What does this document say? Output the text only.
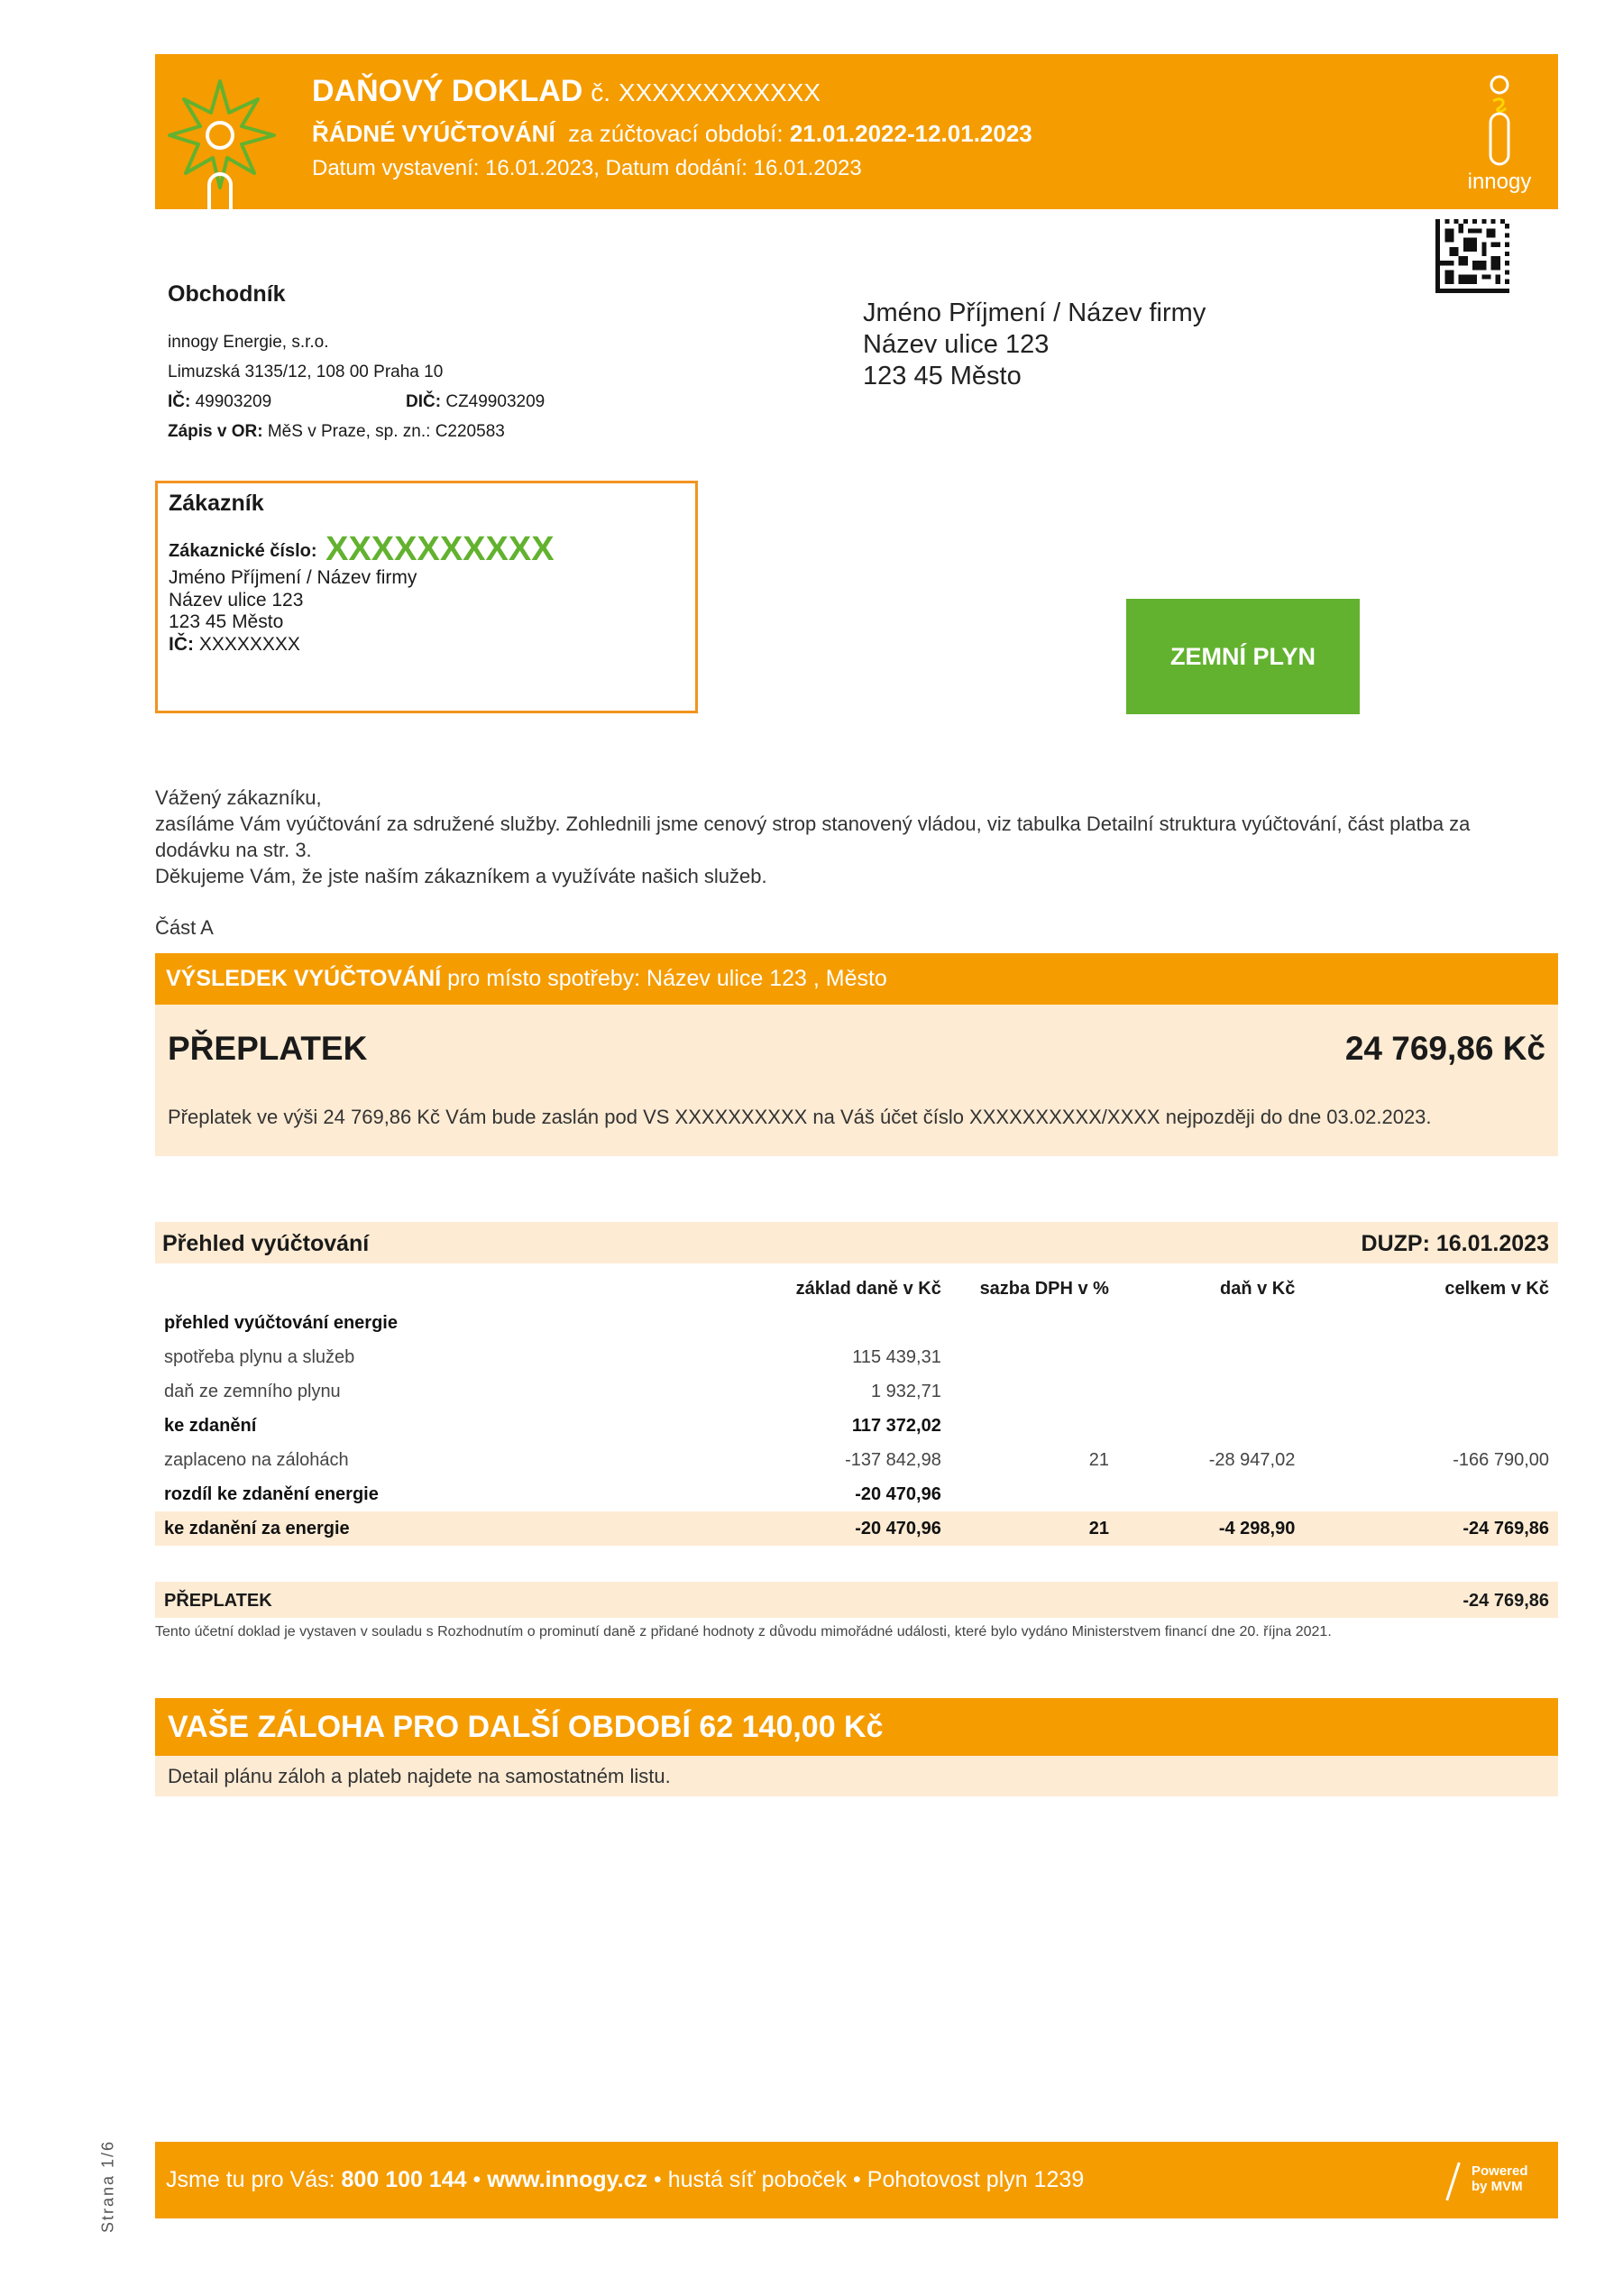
DAŇOVÝ DOKLAD č. XXXXXXXXXXXX
ŘÁDNÉ VYÚČTOVÁNÍ za zúčtovací období: 21.01.2022-12.01.2023
Datum vystavení: 16.01.2023, Datum dodání: 16.01.2023
innogy
Obchodník
innogy Energie, s.r.o.
Limuzská 3135/12, 108 00 Praha 10
IČ: 49903209	DIČ: CZ49903209
Zápis v OR: MěS v Praze, sp. zn.: C220583
Jméno Příjmení / Název firmy
Název ulice 123
123 45 Město
Zákazník
Zákaznické číslo: XXXXXXXXXX
Jméno Příjmení / Název firmy
Název ulice 123
123 45 Město
IČ: XXXXXXXX	ZEMNÍ PLYN
Vážený zákazníku,
zasíláme Vám vyúčtování za sdružené služby. Zohlednili jsme cenový strop stanovený vládou, viz tabulka Detailní struktura vyúčtování, část platba za dodávku na str. 3.
Děkujeme Vám, že jste naším zákazníkem a využíváte našich služeb.
Část A
VÝSLEDEK VYÚČTOVÁNÍ pro místo spotřeby: Název ulice 123 , Město
PŘEPLATEK	24 769,86 Kč
Přeplatek ve výši 24 769,86 Kč Vám bude zaslán pod VS XXXXXXXXXX na Váš účet číslo XXXXXXXXXX/XXXX nejpozději do dne 03.02.2023.
Přehled vyúčtování	DUZP: 16.01.2023
	základ daně v Kč	sazba DPH v %	daň v Kč	celkem v Kč
přehled vyúčtování energie				
spotřeba plynu a služeb	115 439,31			
daň ze zemního plynu	1 932,71			
ke zdanění	117 372,02			
zaplaceno na zálohách	-137 842,98	21	-28 947,02	-166 790,00
rozdíl ke zdanění energie	-20 470,96			
ke zdanění za energie	-20 470,96	21	-4 298,90	-24 769,86
PŘEPLATEK	-24 769,86
Tento účetní doklad je vystaven v souladu s Rozhodnutím o prominutí daně z přidané hodnoty z důvodu mimořádné události, které bylo vydáno Ministerstvem financí dne 20. října 2021.
VAŠE ZÁLOHA PRO DALŠÍ OBDOBÍ 62 140,00 Kč
Detail plánu záloh a plateb najdete na samostatném listu.
Strana 1/6 Jsme tu pro Vás: 800 100 144 • www.innogy.cz • hustá síť poboček • Pohotovost plyn 1239	Powered
by MVM
